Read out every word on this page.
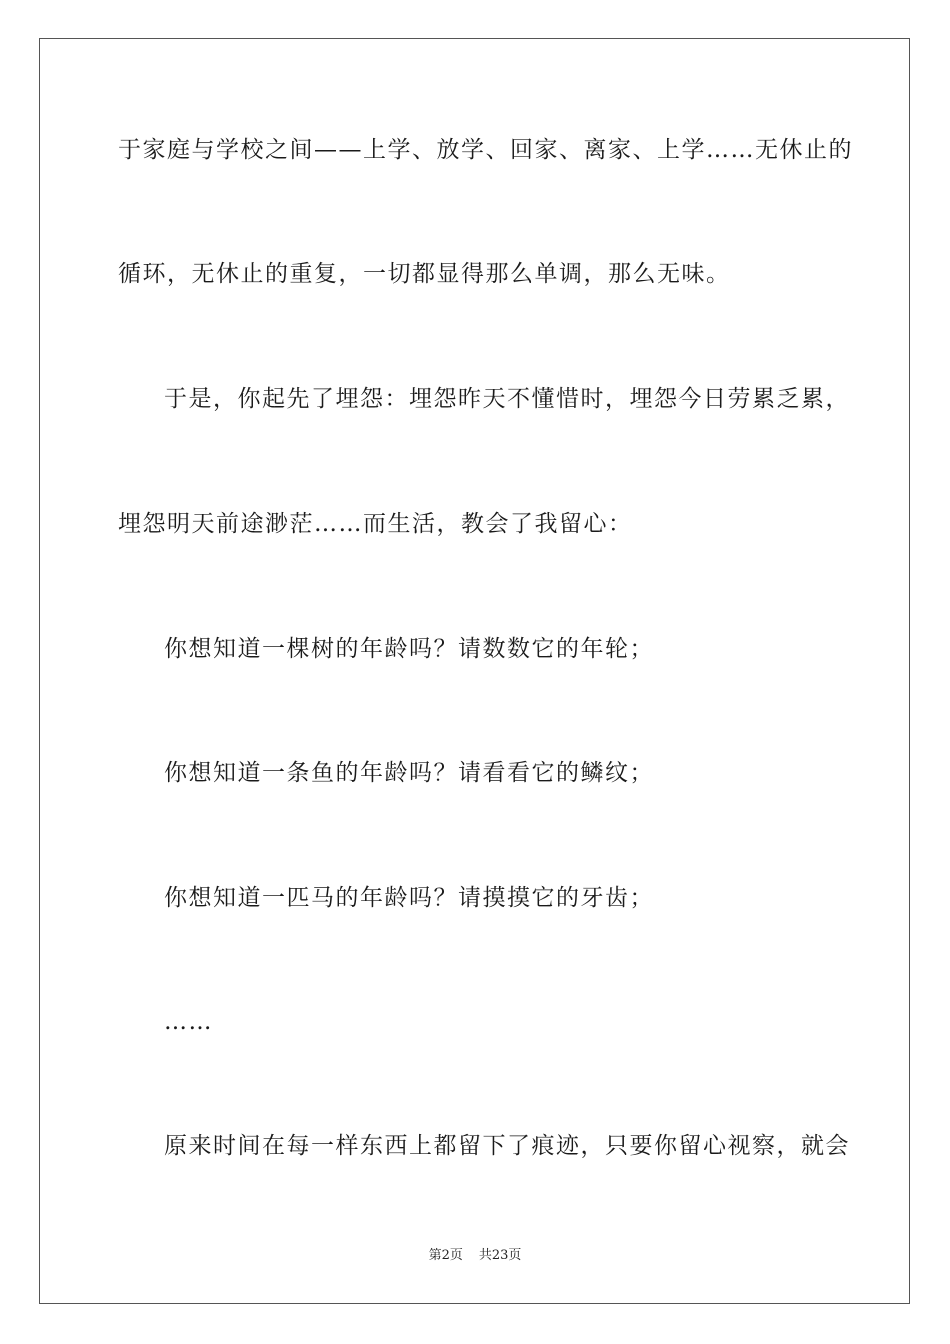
于家庭与学校之间——上学、放学、回家、离家、上学……无休止的
循环，无休止的重复，一切都显得那么单调，那么无味。
于是，你起先了埋怨：埋怨昨天不懂惜时，埋怨今日劳累乏累，
埋怨明天前途渺茫……而生活，教会了我留心：
你想知道一棵树的年龄吗？请数数它的年轮；
你想知道一条鱼的年龄吗？请看看它的鳞纹；
你想知道一匹马的年龄吗？请摸摸它的牙齿；
……
原来时间在每一样东西上都留下了痕迹，只要你留心视察，就会
第2页 共23页
